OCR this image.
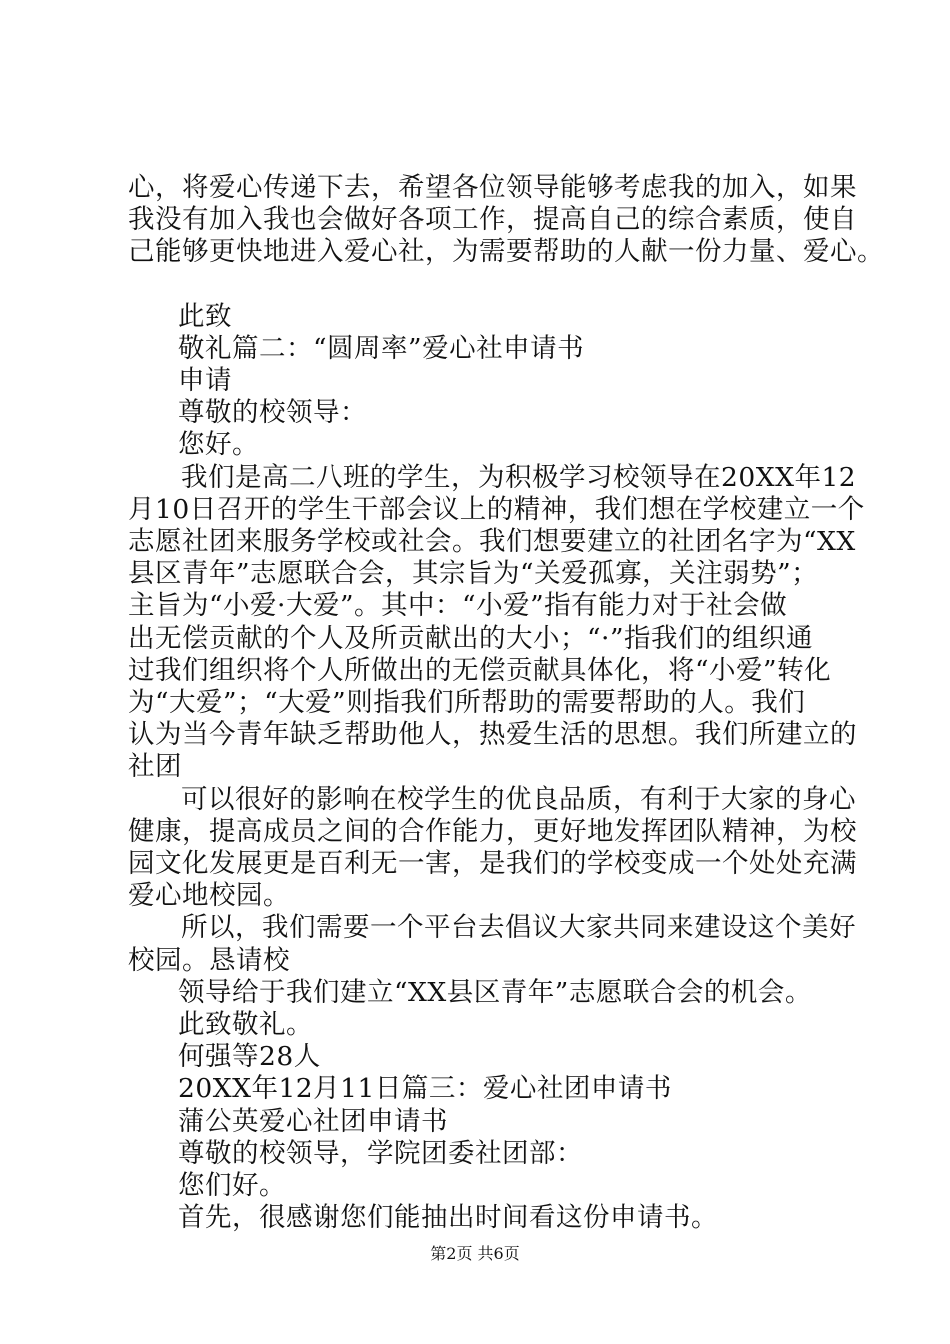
心，将爱心传递下去，希望各位领导能够考虑我的加入，如果

我没有加入我也会做好各项工作，提高自己的综合素质，使自

己能够更快地进入爱心社，为需要帮助的人献一份力量、爱心。

此致

敬礼篇二：“圆周率”爱心社申请书

申请

尊敬的校领导：

您好。

我们是高二八班的学生，为积极学习校领导在20XX年12

月10日召开的学生干部会议上的精神，我们想在学校建立一个

志愿社团来服务学校或社会。我们想要建立的社团名字为“XX

县区青年”志愿联合会，其宗旨为“关爱孤寡，关注弱势”；

主旨为“小爱·大爱”。其中：“小爱”指有能力对于社会做

出无偿贡献的个人及所贡献出的大小；“·”指我们的组织通

过我们组织将个人所做出的无偿贡献具体化，将“小爱”转化

为“大爱”；“大爱”则指我们所帮助的需要帮助的人。我们

认为当今青年缺乏帮助他人，热爱生活的思想。我们所建立的

社团

可以很好的影响在校学生的优良品质，有利于大家的身心

健康，提高成员之间的合作能力，更好地发挥团队精神，为校

园文化发展更是百利无一害，是我们的学校变成一个处处充满

爱心地校园。

所以，我们需要一个平台去倡议大家共同来建设这个美好

校园。恳请校

领导给于我们建立“XX县区青年”志愿联合会的机会。

此致敬礼。

何强等28人

20XX年12月11日篇三：爱心社团申请书

蒲公英爱心社团申请书

尊敬的校领导，学院团委社团部：

您们好。

首先，很感谢您们能抽出时间看这份申请书。

第2页 共6页
